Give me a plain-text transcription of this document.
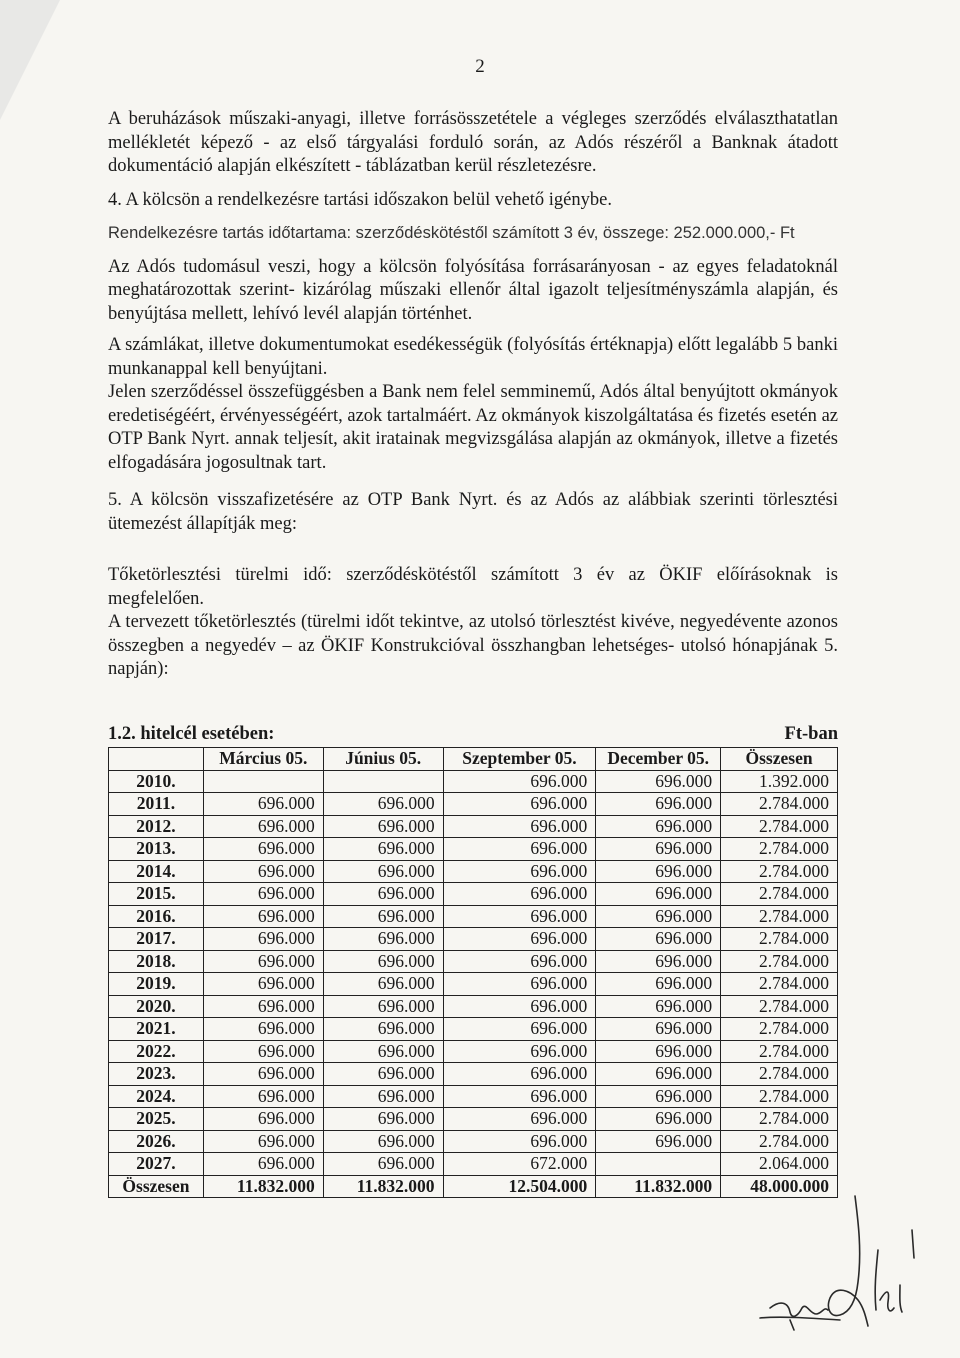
2

A beruházások műszaki-anyagi, illetve forrásösszetétele a végleges szerződés elválaszthatatlan mellékletét képező - az első tárgyalási forduló során, az Adós részéről a Banknak átadott dokumentáció alapján elkészített - táblázatban kerül részletezésre.

4. A kölcsön a rendelkezésre tartási időszakon belül vehető igénybe.

Rendelkezésre tartás időtartama: szerződéskötéstől számított 3 év, összege: 252.000.000,- Ft

Az Adós tudomásul veszi, hogy a kölcsön folyósítása forrásarányosan - az egyes feladatoknál meghatározottak szerint- kizárólag műszaki ellenőr által igazolt teljesítményszámla alapján, és benyújtása mellett, lehívó levél alapján történhet.

A számlákat, illetve dokumentumokat esedékességük (folyósítás értéknapja) előtt legalább 5 banki munkanappal kell benyújtani.

Jelen szerződéssel összefüggésben a Bank nem felel semminemű, Adós által benyújtott okmányok eredetiségéért, érvényességéért, azok tartalmáért. Az okmányok kiszolgáltatása és fizetés esetén az OTP Bank Nyrt. annak teljesít, akit iratainak megvizsgálása alapján az okmányok, illetve a fizetés elfogadására jogosultnak tart.

5. A kölcsön visszafizetésére az OTP Bank Nyrt. és az Adós az alábbiak szerinti törlesztési ütemezést állapítják meg:

Tőketörlesztési türelmi idő: szerződéskötéstől számított 3 év az ÖKIF előírásoknak is megfelelően.

A tervezett tőketörlesztés (türelmi időt tekintve, az utolsó törlesztést kivéve, negyedévente azonos összegben a negyedév – az ÖKIF Konstrukcióval összhangban lehetséges- utolsó hónapjának 5. napján):

1.2. hitelcél esetében:	Ft-ban
	Március 05.	Június 05.	Szeptember 05.	December 05.	Összesen
2010.			696.000	696.000	1.392.000
2011.	696.000	696.000	696.000	696.000	2.784.000
2012.	696.000	696.000	696.000	696.000	2.784.000
2013.	696.000	696.000	696.000	696.000	2.784.000
2014.	696.000	696.000	696.000	696.000	2.784.000
2015.	696.000	696.000	696.000	696.000	2.784.000
2016.	696.000	696.000	696.000	696.000	2.784.000
2017.	696.000	696.000	696.000	696.000	2.784.000
2018.	696.000	696.000	696.000	696.000	2.784.000
2019.	696.000	696.000	696.000	696.000	2.784.000
2020.	696.000	696.000	696.000	696.000	2.784.000
2021.	696.000	696.000	696.000	696.000	2.784.000
2022.	696.000	696.000	696.000	696.000	2.784.000
2023.	696.000	696.000	696.000	696.000	2.784.000
2024.	696.000	696.000	696.000	696.000	2.784.000
2025.	696.000	696.000	696.000	696.000	2.784.000
2026.	696.000	696.000	696.000	696.000	2.784.000
2027.	696.000	696.000	672.000		2.064.000
Összesen	11.832.000	11.832.000	12.504.000	11.832.000	48.000.000
